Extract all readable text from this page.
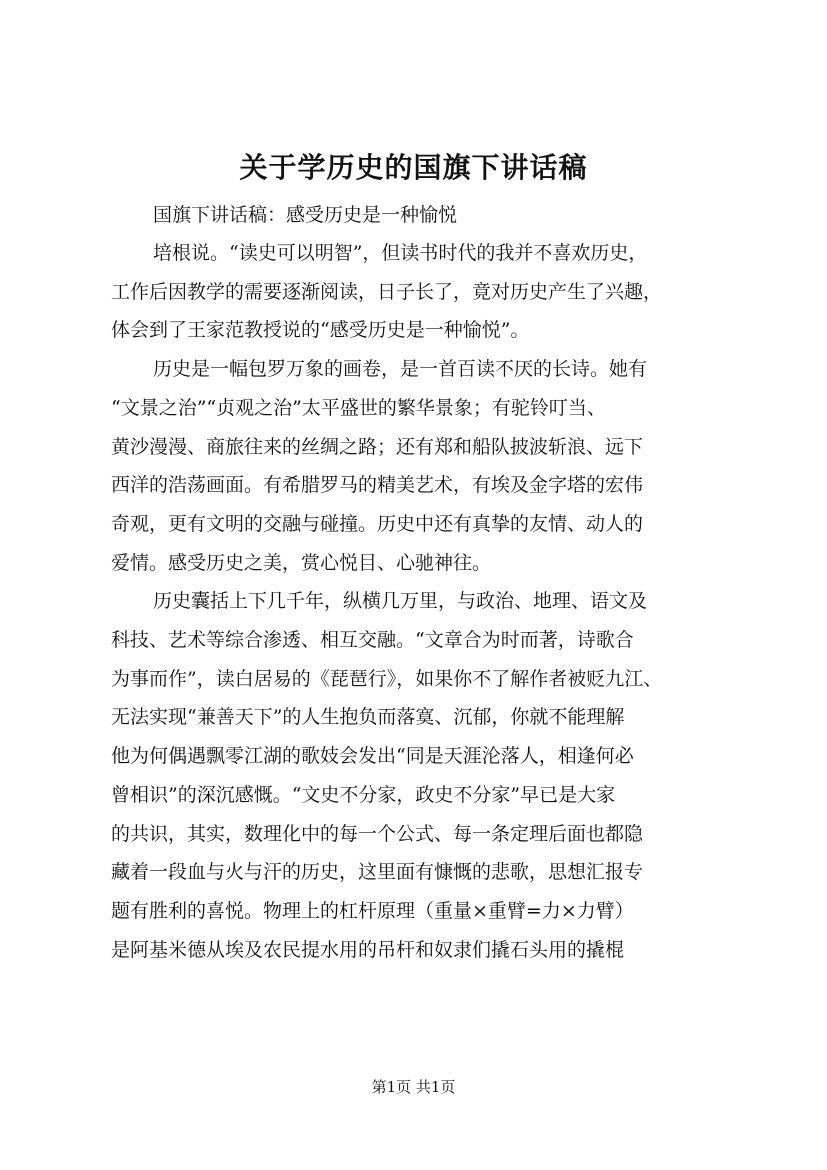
关于学历史的国旗下讲话稿

国旗下讲话稿：感受历史是一种愉悦

培根说。“读史可以明智”，但读书时代的我并不喜欢历史，
工作后因教学的需要逐渐阅读，日子长了，竟对历史产生了兴趣，
体会到了王家范教授说的“感受历史是一种愉悦”。

历史是一幅包罗万象的画卷，是一首百读不厌的长诗。她有
“文景之治”“贞观之治”太平盛世的繁华景象；有驼铃叮当、
黄沙漫漫、商旅往来的丝绸之路；还有郑和船队披波斩浪、远下
西洋的浩荡画面。有希腊罗马的精美艺术，有埃及金字塔的宏伟
奇观，更有文明的交融与碰撞。历史中还有真挚的友情、动人的
爱情。感受历史之美，赏心悦目、心驰神往。

历史囊括上下几千年，纵横几万里，与政治、地理、语文及
科技、艺术等综合渗透、相互交融。“文章合为时而著，诗歌合
为事而作”，读白居易的《琵琶行》，如果你不了解作者被贬九江、
无法实现“兼善天下”的人生抱负而落寞、沉郁，你就不能理解
他为何偶遇飘零江湖的歌妓会发出“同是天涯沦落人，相逢何必
曾相识”的深沉感慨。“文史不分家，政史不分家”早已是大家
的共识，其实，数理化中的每一个公式、每一条定理后面也都隐
藏着一段血与火与汗的历史，这里面有慷慨的悲歌，思想汇报专
题有胜利的喜悦。物理上的杠杆原理（重量×重臂=力×力臂）
是阿基米德从埃及农民提水用的吊杆和奴隶们撬石头用的撬棍

第1页 共1页
